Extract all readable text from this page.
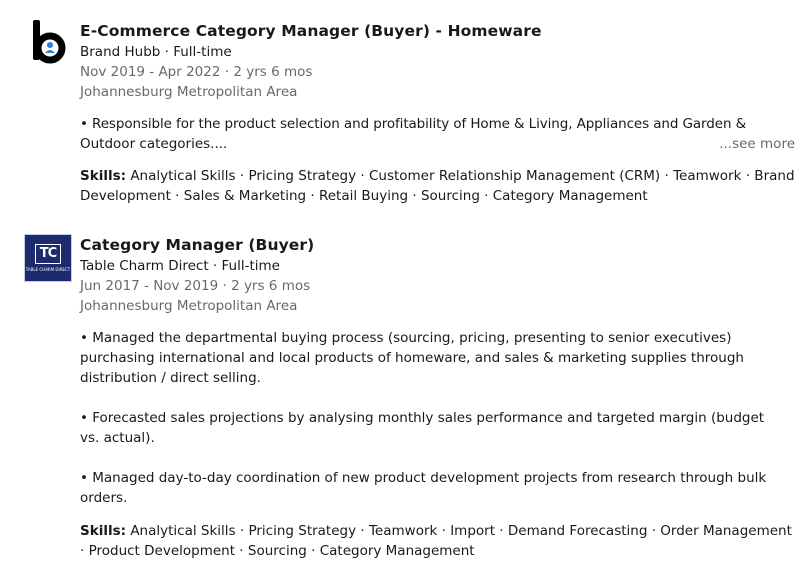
E-Commerce Category Manager (Buyer) - Homeware
Brand Hubb · Full-time
Nov 2019 - Apr 2022 · 2 yrs 6 mos
Johannesburg Metropolitan Area
• Responsible for the product selection and profitability of Home & Living, Appliances and Garden &
Outdoor categories....	...see more
Skills: Analytical Skills · Pricing Strategy · Customer Relationship Management (CRM) · Teamwork · Brand Development · Sales & Marketing · Retail Buying · Sourcing · Category Management
TC
TABLE CHARM DIRECT
Category Manager (Buyer)
Table Charm Direct · Full-time
Jun 2017 - Nov 2019 · 2 yrs 6 mos
Johannesburg Metropolitan Area
• Managed the departmental buying process (sourcing, pricing, presenting to senior executives) purchasing international and local products of homeware, and sales & marketing supplies through distribution / direct selling.
• Forecasted sales projections by analysing monthly sales performance and targeted margin (budget vs. actual).
• Managed day-to-day coordination of new product development projects from research through bulk orders.
Skills: Analytical Skills · Pricing Strategy · Teamwork · Import · Demand Forecasting · Order Management · Product Development · Sourcing · Category Management
